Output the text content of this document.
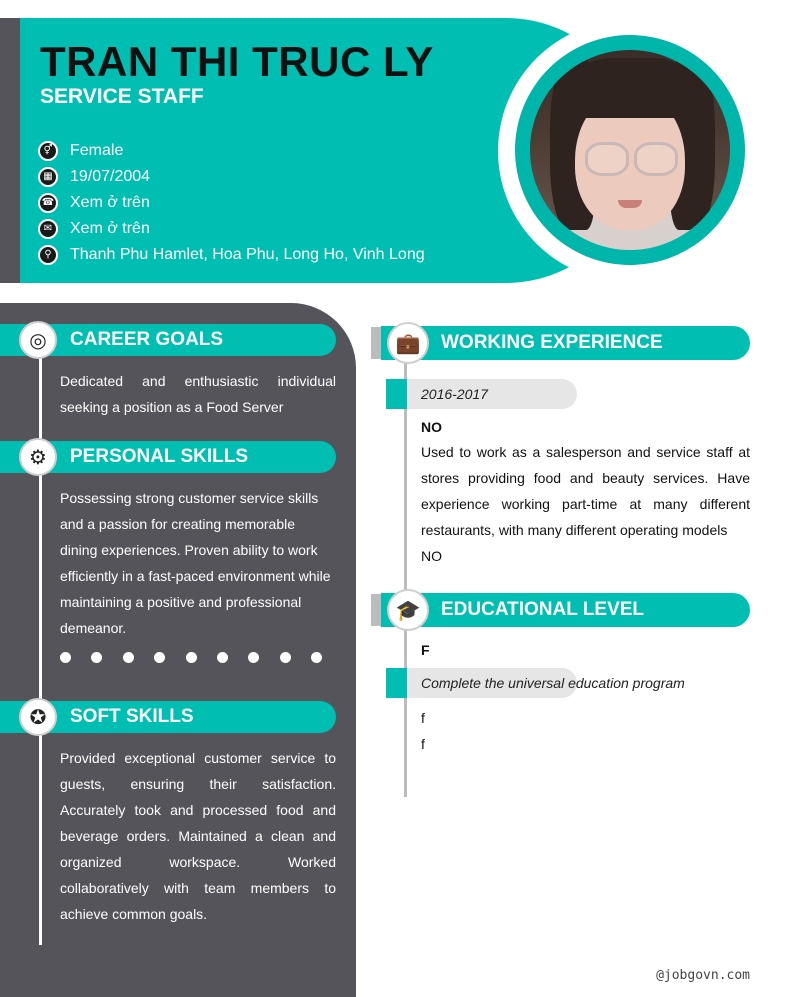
TRAN THI TRUC LY
SERVICE STAFF
⚥	Female
▦	19/07/2004
☎ Xem ở trên
✉	Xem ở trên
⚲	Thanh Phu Hamlet, Hoa Phu, Long Ho, Vinh Long
◎	CAREER GOALS
Dedicated and enthusiastic individual seeking a position as a Food Server
⚙	PERSONAL SKILLS
Possessing strong customer service skills and a passion for creating memorable dining experiences. Proven ability to work efficiently in a fast-paced environment while maintaining a positive and professional demeanor.
✪	SOFT SKILLS
Provided exceptional customer service to guests, ensuring their satisfaction. Accurately took and processed food and beverage orders. Maintained a clean and organized workspace. Worked collaboratively with team members to achieve common goals.
💼	WORKING EXPERIENCE
2016-2017
NO
Used to work as a salesperson and service staff at stores providing food and beauty services. Have experience working part-time at many different restaurants, with many different operating models
NO
🎓	EDUCATIONAL LEVEL
F
Complete the universal education program
f
f
@jobgovn.com
